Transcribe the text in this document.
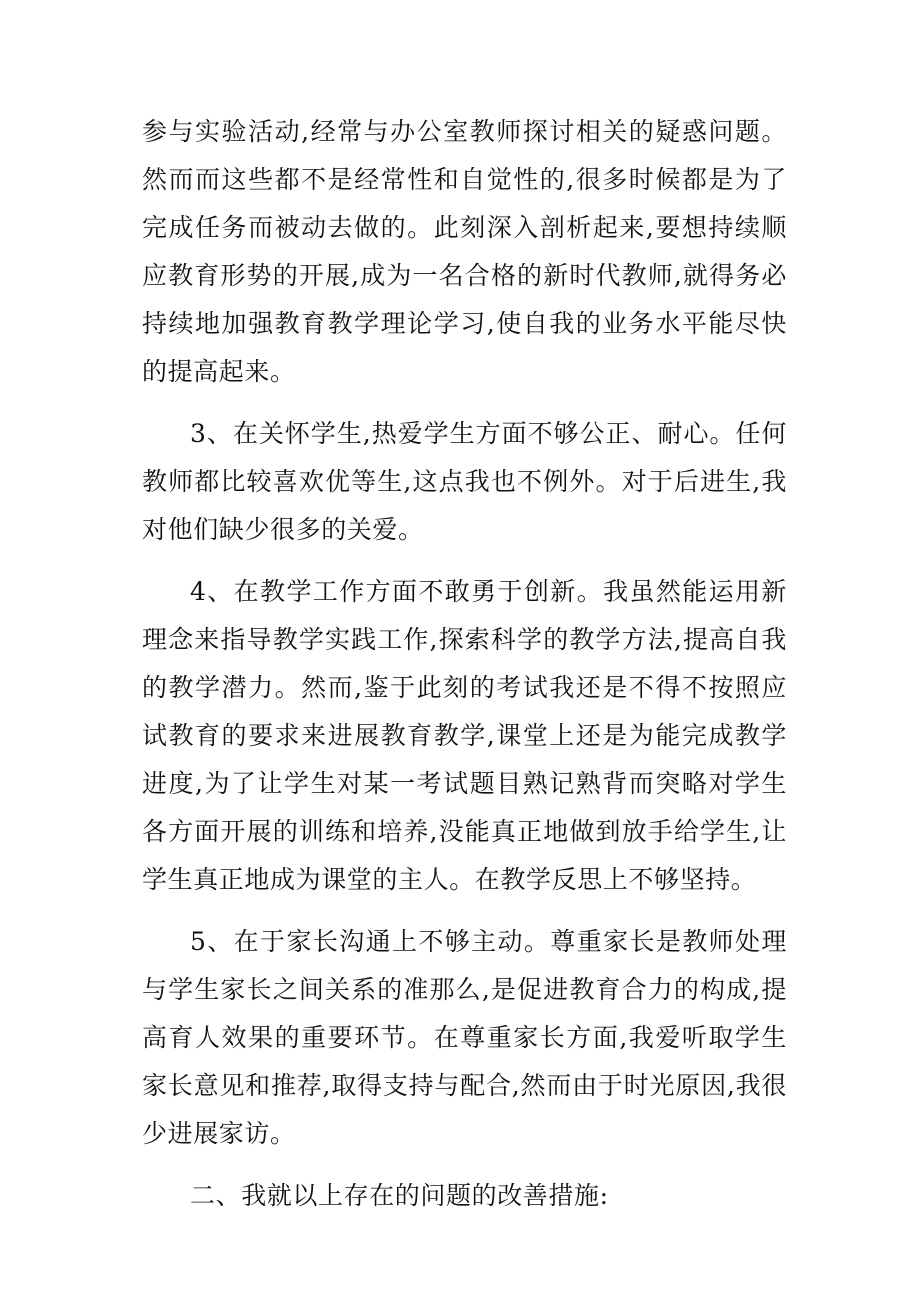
参与实验活动,经常与办公室教师探讨相关的疑惑问题。然而而这些都不是经常性和自觉性的,很多时候都是为了完成任务而被动去做的。此刻深入剖析起来,要想持续顺应教育形势的开展,成为一名合格的新时代教师,就得务必持续地加强教育教学理论学习,使自我的业务水平能尽快的提高起来。

3、在关怀学生,热爱学生方面不够公正、耐心。任何教师都比较喜欢优等生,这点我也不例外。对于后进生,我对他们缺少很多的关爱。

4、在教学工作方面不敢勇于创新。我虽然能运用新理念来指导教学实践工作,探索科学的教学方法,提高自我的教学潜力。然而,鉴于此刻的考试我还是不得不按照应试教育的要求来进展教育教学,课堂上还是为能完成教学进度,为了让学生对某一考试题目熟记熟背而突略对学生各方面开展的训练和培养,没能真正地做到放手给学生,让学生真正地成为课堂的主人。在教学反思上不够坚持。

5、在于家长沟通上不够主动。尊重家长是教师处理与学生家长之间关系的准那么,是促进教育合力的构成,提高育人效果的重要环节。在尊重家长方面,我爱听取学生家长意见和推荐,取得支持与配合,然而由于时光原因,我很少进展家访。

二、我就以上存在的问题的改善措施:
